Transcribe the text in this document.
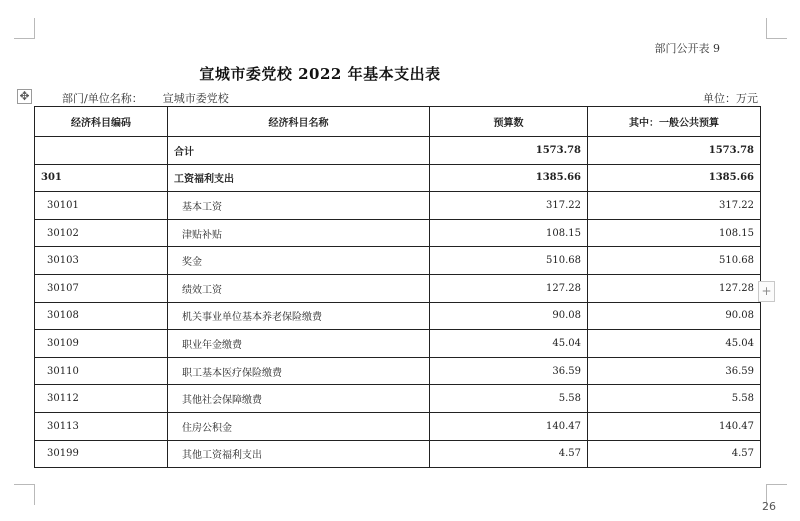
部门公开表 9
宣城市委党校 2022 年基本支出表
✥	部门/单位名称： 宣城市委党校	单位：万元
经济科目编码	经济科目名称	预算数	其中：一般公共预算
	合计	1573.78	1573.78
301	工资福利支出	1385.66	1385.66
30101	基本工资	317.22	317.22
30102	津贴补贴	108.15	108.15
30103	奖金	510.68	510.68
30107	绩效工资	127.28	127.28
30108	机关事业单位基本养老保险缴费	90.08	90.08
30109	职业年金缴费	45.04	45.04
30110	职工基本医疗保险缴费	36.59	36.59
30112	其他社会保障缴费	5.58	5.58
30113	住房公积金	140.47	140.47
30199	其他工资福利支出	4.57	4.57
+
26
